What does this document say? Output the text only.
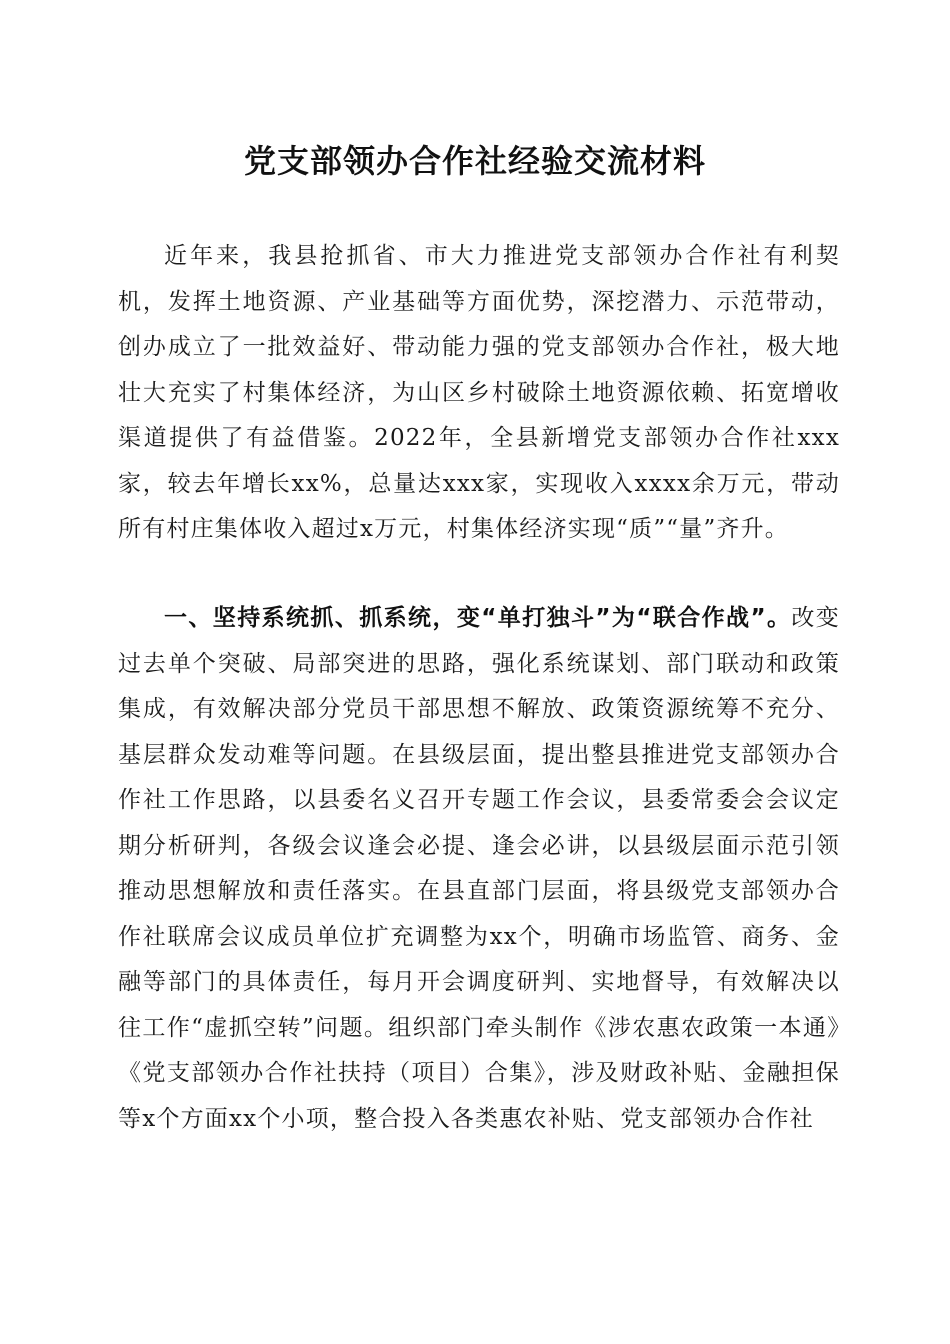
党支部领办合作社经验交流材料

近年来，我县抢抓省、市大力推进党支部领办合作社有利契机，发挥土地资源、产业基础等方面优势，深挖潜力、示范带动，创办成立了一批效益好、带动能力强的党支部领办合作社，极大地壮大充实了村集体经济，为山区乡村破除土地资源依赖、拓宽增收渠道提供了有益借鉴。2022年，全县新增党支部领办合作社xxx家，较去年增长xx%，总量达xxx家，实现收入xxxx余万元，带动所有村庄集体收入超过x万元，村集体经济实现“质”“量”齐升。

一、坚持系统抓、抓系统，变“单打独斗”为“联合作战”。改变过去单个突破、局部突进的思路，强化系统谋划、部门联动和政策集成，有效解决部分党员干部思想不解放、政策资源统筹不充分、基层群众发动难等问题。在县级层面，提出整县推进党支部领办合作社工作思路，以县委名义召开专题工作会议，县委常委会会议定期分析研判，各级会议逢会必提、逢会必讲，以县级层面示范引领推动思想解放和责任落实。在县直部门层面，将县级党支部领办合作社联席会议成员单位扩充调整为xx个，明确市场监管、商务、金融等部门的具体责任，每月开会调度研判、实地督导，有效解决以往工作“虚抓空转”问题。组织部门牵头制作《涉农惠农政策一本通》《党支部领办合作社扶持（项目）合集》，涉及财政补贴、金融担保等x个方面xx个小项，整合投入各类惠农补贴、党支部领办合作社
